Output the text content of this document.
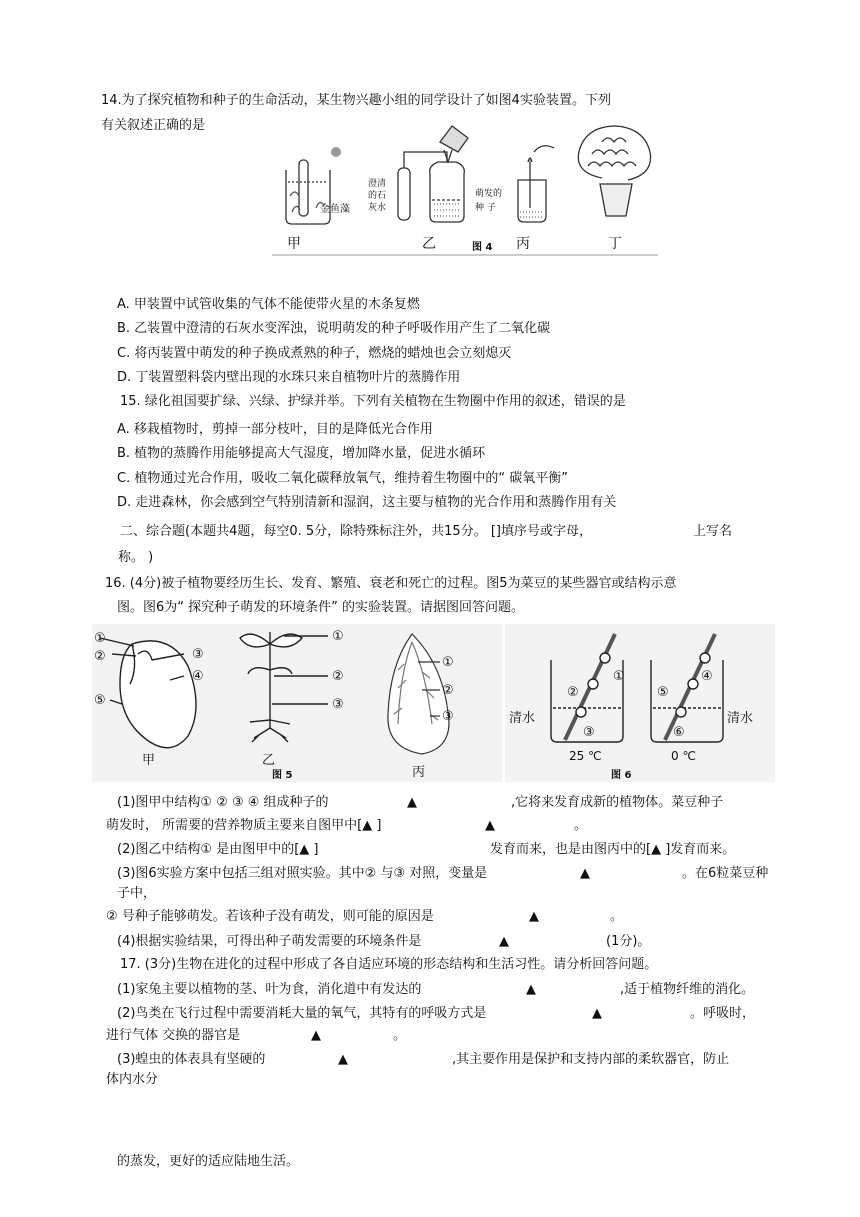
14.为了探究植物和种子的生命活动，某生物兴趣小组的同学设计了如图4实验装置。下列
有关叙述正确的是
金鱼藻
澄清
的石
灰水
萌发的
种 子
甲	乙	丙	丁
图 4
A. 甲装置中试管收集的气体不能使带火星的木条复燃
B. 乙装置中澄清的石灰水变浑浊，说明萌发的种子呼吸作用产生了二氧化碳
C. 将丙装置中萌发的种子换成煮熟的种子，燃烧的蜡烛也会立刻熄灭
D. 丁装置塑料袋内壁出现的水珠只来自植物叶片的蒸腾作用
15. 绿化祖国要扩绿、兴绿、护绿并举。下列有关植物在生物圈中作用的叙述，错误的是
A. 移栽植物时，剪掉一部分枝叶，目的是降低光合作用
B. 植物的蒸腾作用能够提高大气湿度，增加降水量，促进水循环
C. 植物通过光合作用，吸收二氧化碳释放氧气，维持着生物圈中的“ 碳氧平衡”
D. 走进森林，你会感到空气特别清新和湿润，这主要与植物的光合作用和蒸腾作用有关
二、综合题(本题共4题，每空0. 5分，除特殊标注外，共15分。 []填序号或字母，	上写名
称。 )
16. (4分)被子植物要经历生长、发育、繁殖、衰老和死亡的过程。图5为菜豆的某些器官或结构示意
图。图6为“ 探究种子萌发的环境条件” 的实验装置。请据图回答问题。
①
②
⑤
③
④
甲
①
②
③
乙
图 5
①
②
③
丙
①
②
③
④
⑤
⑥
清水	清水
25 ℃	0 ℃
图 6
(1)图甲中结构① ② ③ ④ 组成种子的	▲	,它将来发育成新的植物体。菜豆种子
萌发时， 所需要的营养物质主要来自图甲中[▲ ]	▲	。
(2)图乙中结构① 是由图甲中的[▲ ]	发育而来，也是由图丙中的[▲ ]发育而来。
(3)图6实验方案中包括三组对照实验。其中② 与③ 对照，变量是	▲	。在6粒菜豆种
子中，
② 号种子能够萌发。若该种子没有萌发，则可能的原因是	▲	。
(4)根据实验结果，可得出种子萌发需要的环境条件是	▲	(1分)。
17. (3分)生物在进化的过程中形成了各自适应环境的形态结构和生活习性。请分析回答问题。
(1)家兔主要以植物的茎、叶为食，消化道中有发达的	▲	,适于植物纤维的消化。
(2)鸟类在飞行过程中需要消耗大量的氧气，其特有的呼吸方式是	▲	。呼吸时，
进行气体 交换的器官是	▲	。
(3)蝗虫的体表具有坚硬的	▲	,其主要作用是保护和支持内部的柔软器官，防止
体内水分
的蒸发，更好的适应陆地生活。
